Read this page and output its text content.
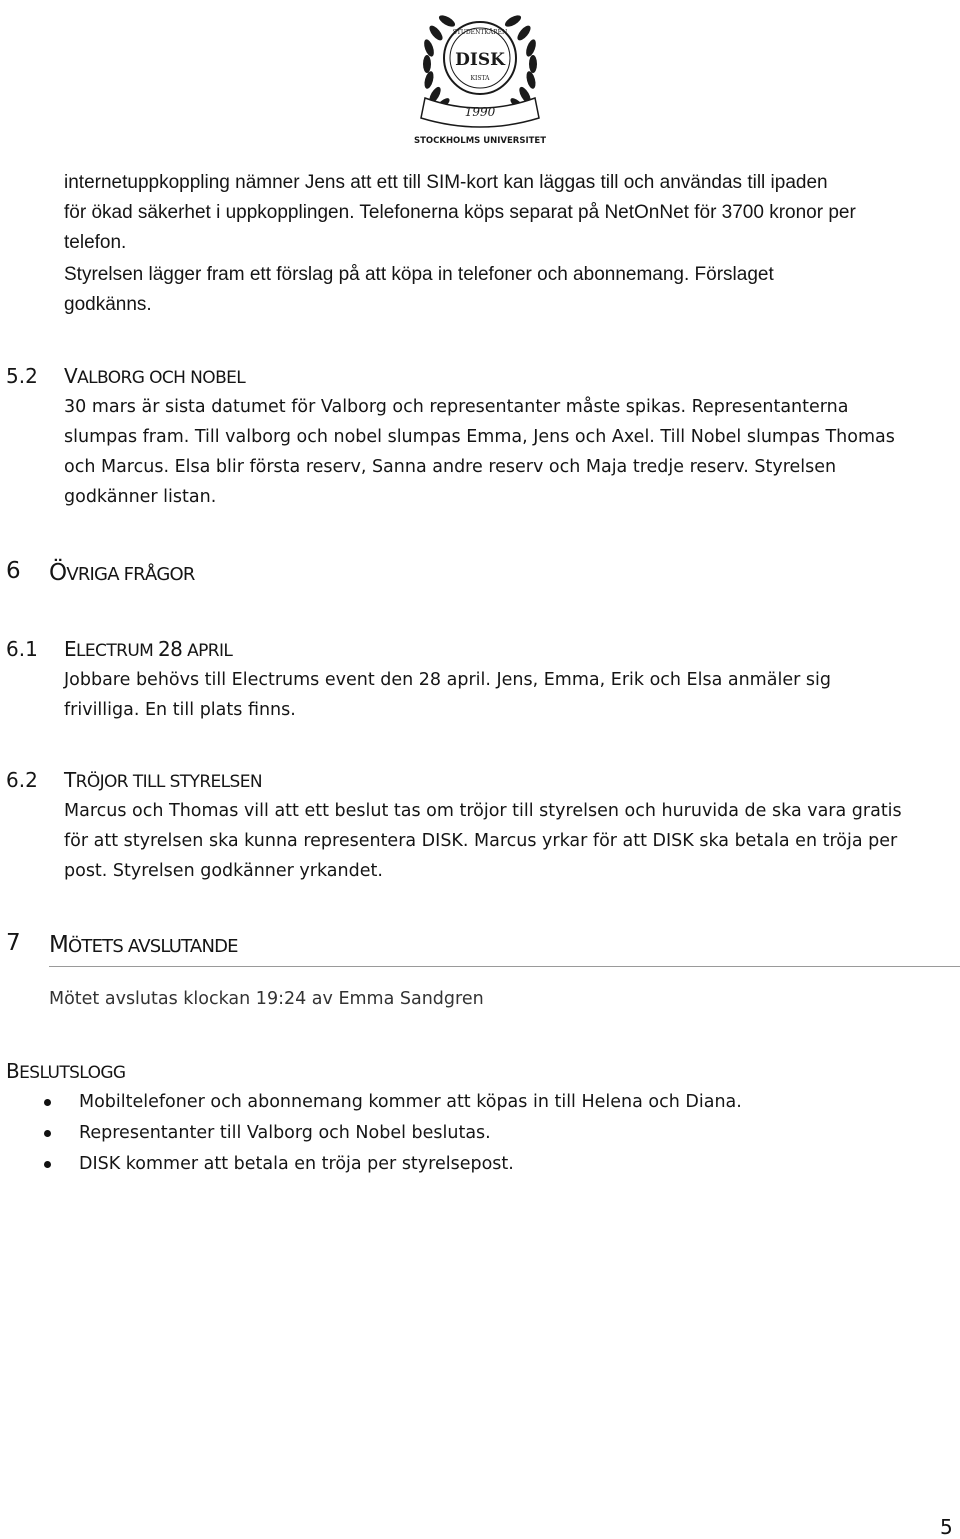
STUDENTKÅREN
DISK
KISTA
1990
STOCKHOLMS UNIVERSITET
internetuppkoppling nämner Jens att ett till SIM-kort kan läggas till och användas till ipaden
för ökad säkerhet i uppkopplingen. Telefonerna köps separat på NetOnNet för 3700 kronor per
telefon.
Styrelsen lägger fram ett förslag på att köpa in telefoner och abonnemang. Förslaget
godkänns.
5.2 VALBORG OCH NOBEL
30 mars är sista datumet för Valborg och representanter måste spikas. Representanterna
slumpas fram. Till valborg och nobel slumpas Emma, Jens och Axel. Till Nobel slumpas Thomas
och Marcus. Elsa blir första reserv, Sanna andre reserv och Maja tredje reserv. Styrelsen
godkänner listan.
6 ÖVRIGA FRÅGOR
6.1 ELECTRUM 28 APRIL
Jobbare behövs till Electrums event den 28 april. Jens, Emma, Erik och Elsa anmäler sig
frivilliga. En till plats finns.
6.2 TRÖJOR TILL STYRELSEN
Marcus och Thomas vill att ett beslut tas om tröjor till styrelsen och huruvida de ska vara gratis
för att styrelsen ska kunna representera DISK. Marcus yrkar för att DISK ska betala en tröja per
post. Styrelsen godkänner yrkandet.
7 MÖTETS AVSLUTANDE
Mötet avslutas klockan 19:24 av Emma Sandgren
BESLUTSLOGG
Mobiltelefoner och abonnemang kommer att köpas in till Helena och Diana.
Representanter till Valborg och Nobel beslutas.
DISK kommer att betala en tröja per styrelsepost.
5
